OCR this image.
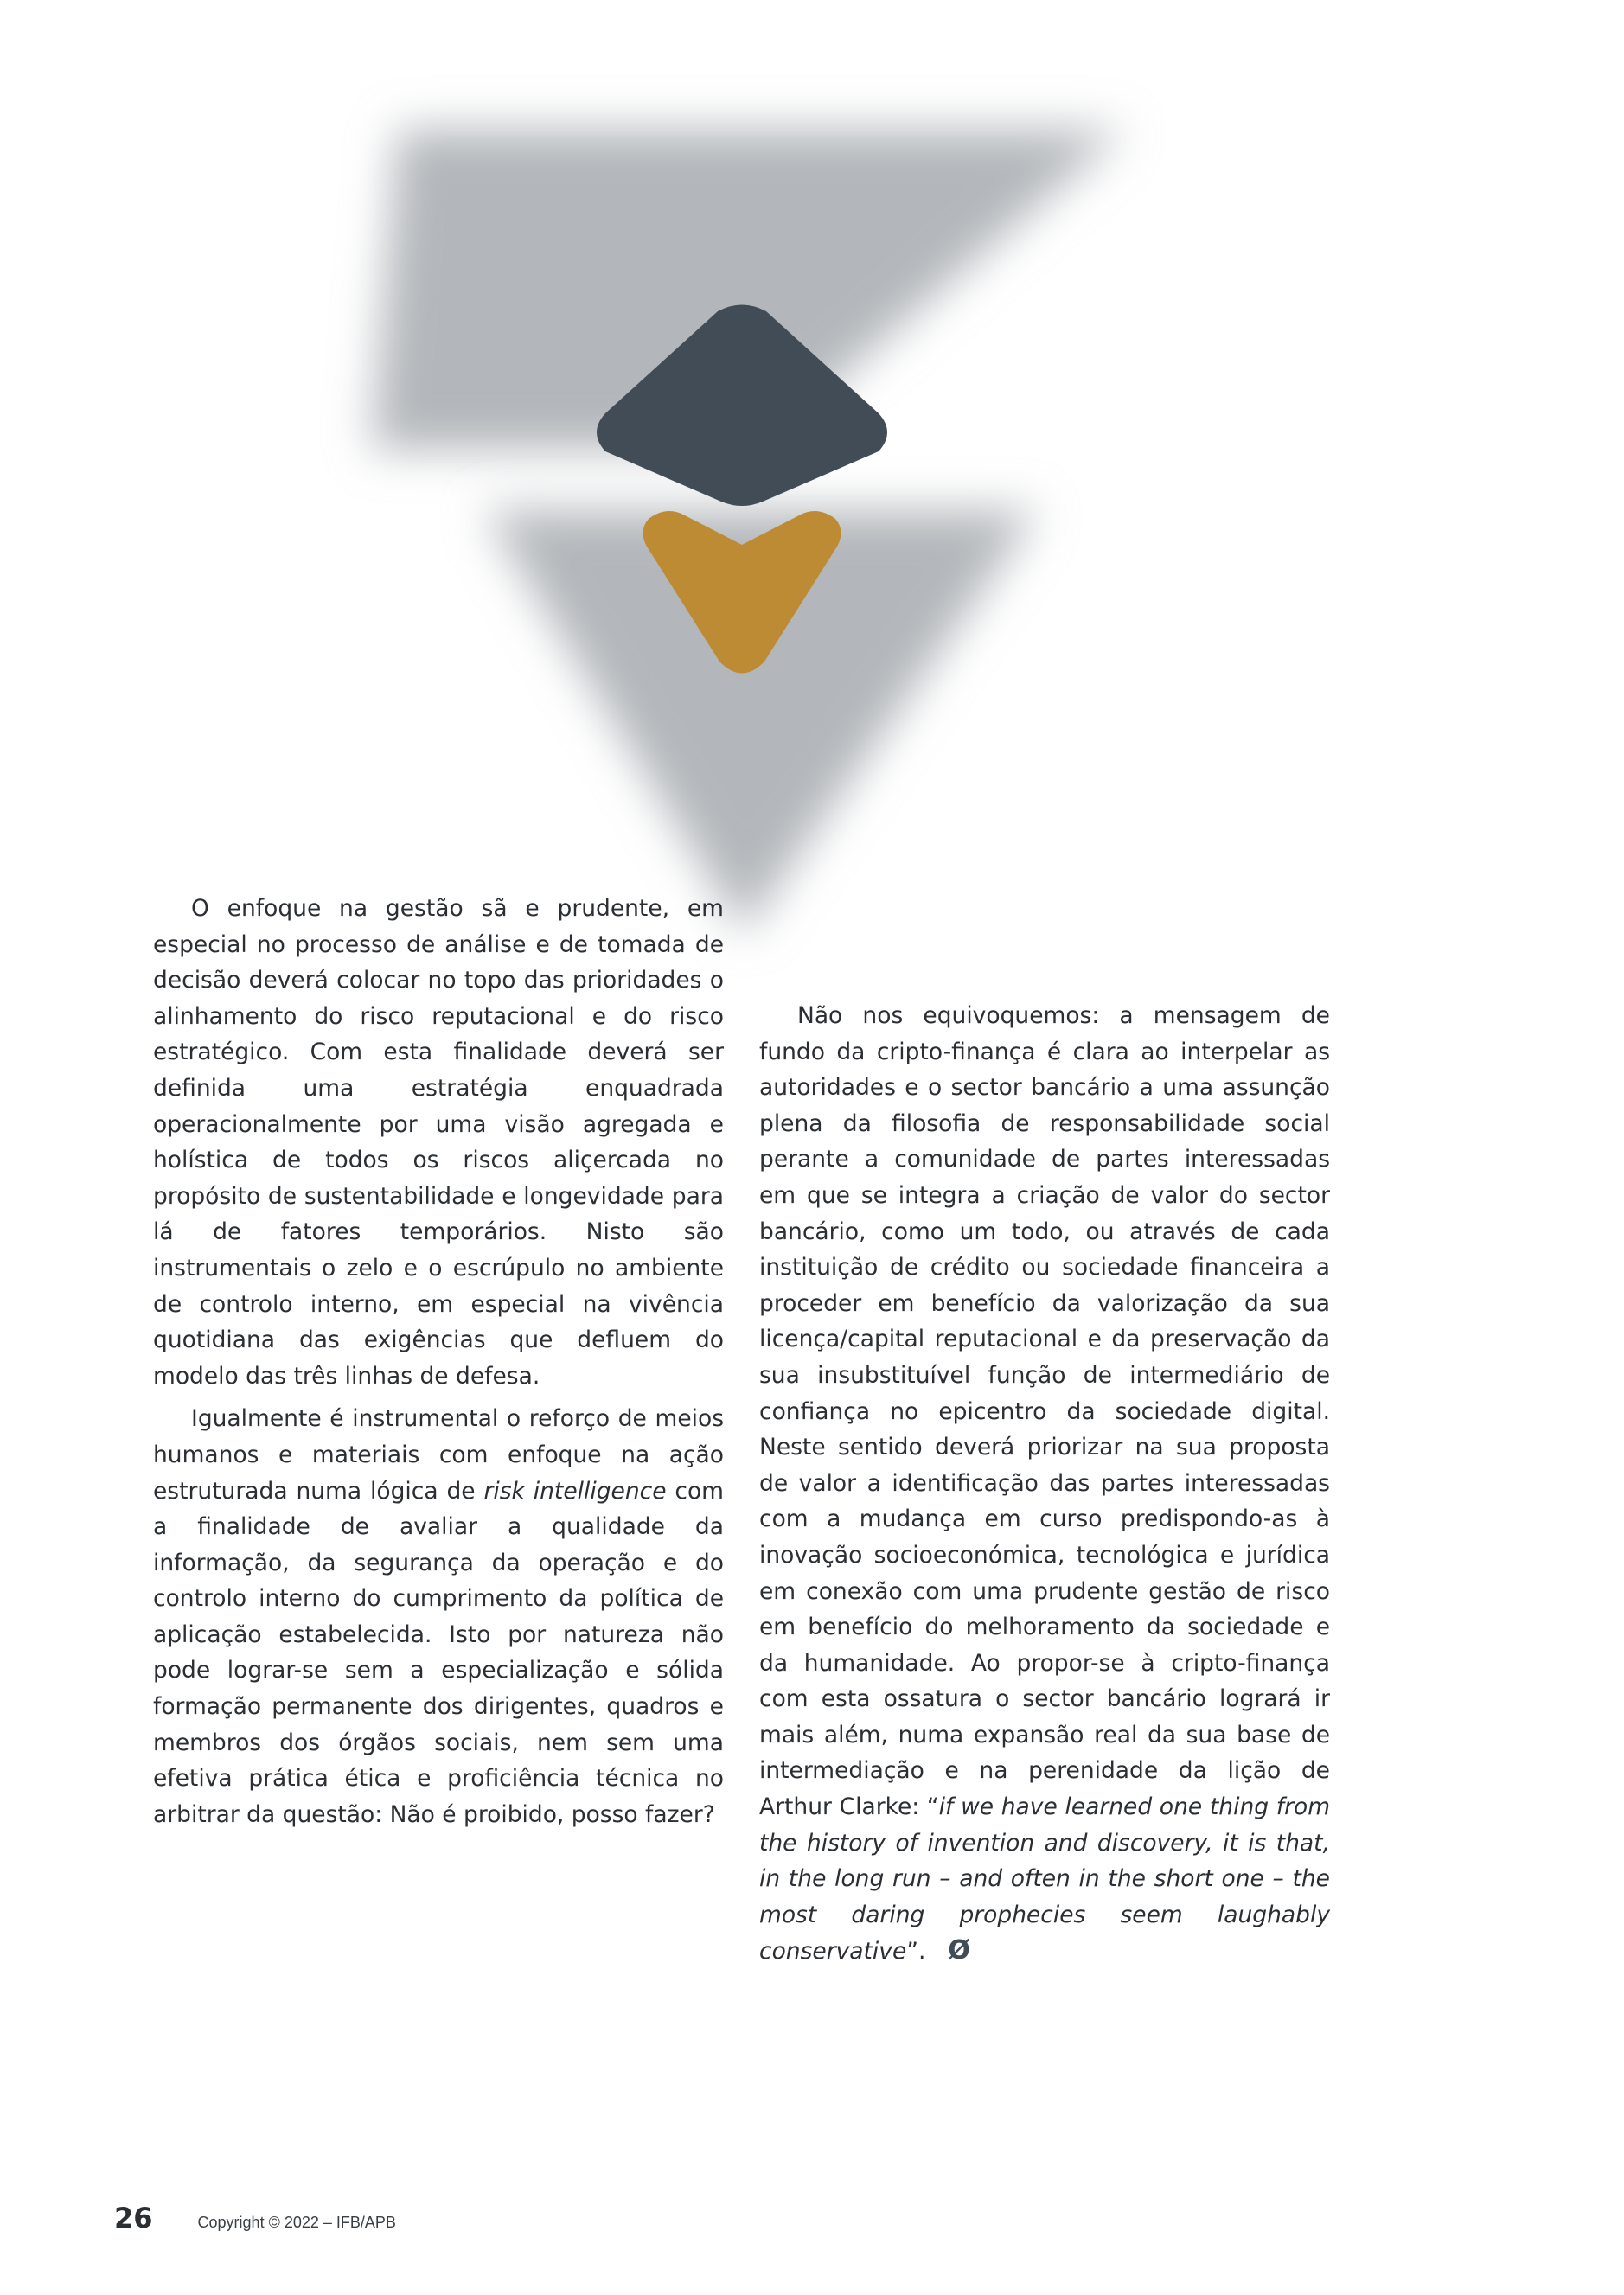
O enfoque na gestão sã e prudente, em especial no processo de análise e de tomada de decisão deverá colocar no topo das prioridades o alinhamento do risco reputacional e do risco estratégico. Com esta finalidade deverá ser definida uma estratégia enquadrada operacionalmente por uma visão agregada e holística de todos os riscos aliçercada no propósito de sustentabilidade e longevidade para lá de fatores temporários. Nisto são instrumentais o zelo e o escrúpulo no ambiente de controlo interno, em especial na vivência quotidiana das exigências que defluem do modelo das três linhas de defesa.

Igualmente é instrumental o reforço de meios humanos e materiais com enfoque na ação estruturada numa lógica de risk intelligence com a finalidade de avaliar a qualidade da informação, da segurança da operação e do controlo interno do cumprimento da política de aplicação estabelecida. Isto por natureza não pode lograr-se sem a especialização e sólida formação permanente dos dirigentes, quadros e membros dos órgãos sociais, nem sem uma efetiva prática ética e proficiência técnica no arbitrar da questão: Não é proibido, posso fazer?

Não nos equivoquemos: a mensagem de fundo da cripto-finança é clara ao interpelar as autoridades e o sector bancário a uma assunção plena da filosofia de responsabilidade social perante a comunidade de partes interessadas em que se integra a criação de valor do sector bancário, como um todo, ou através de cada instituição de crédito ou sociedade financeira a proceder em benefício da valorização da sua licença/capital reputacional e da preservação da sua insubstituível função de intermediário de confiança no epicentro da sociedade digital. Neste sentido deverá priorizar na sua proposta de valor a identificação das partes interessadas com a mudança em curso predispondo-as à inovação socioeconómica, tecnológica e jurídica em conexão com uma prudente gestão de risco em benefício do melhoramento da sociedade e da humanidade. Ao propor-se à cripto-finança com esta ossatura o sector bancário logrará ir mais além, numa expansão real da sua base de intermediação e na perenidade da lição de Arthur Clarke: “if we have learned one thing from the history of invention and discovery, it is that, in the long run – and often in the short one – the most daring prophecies seem laughably conservative”. Ø

26	Copyright © 2022 – IFB/APB
